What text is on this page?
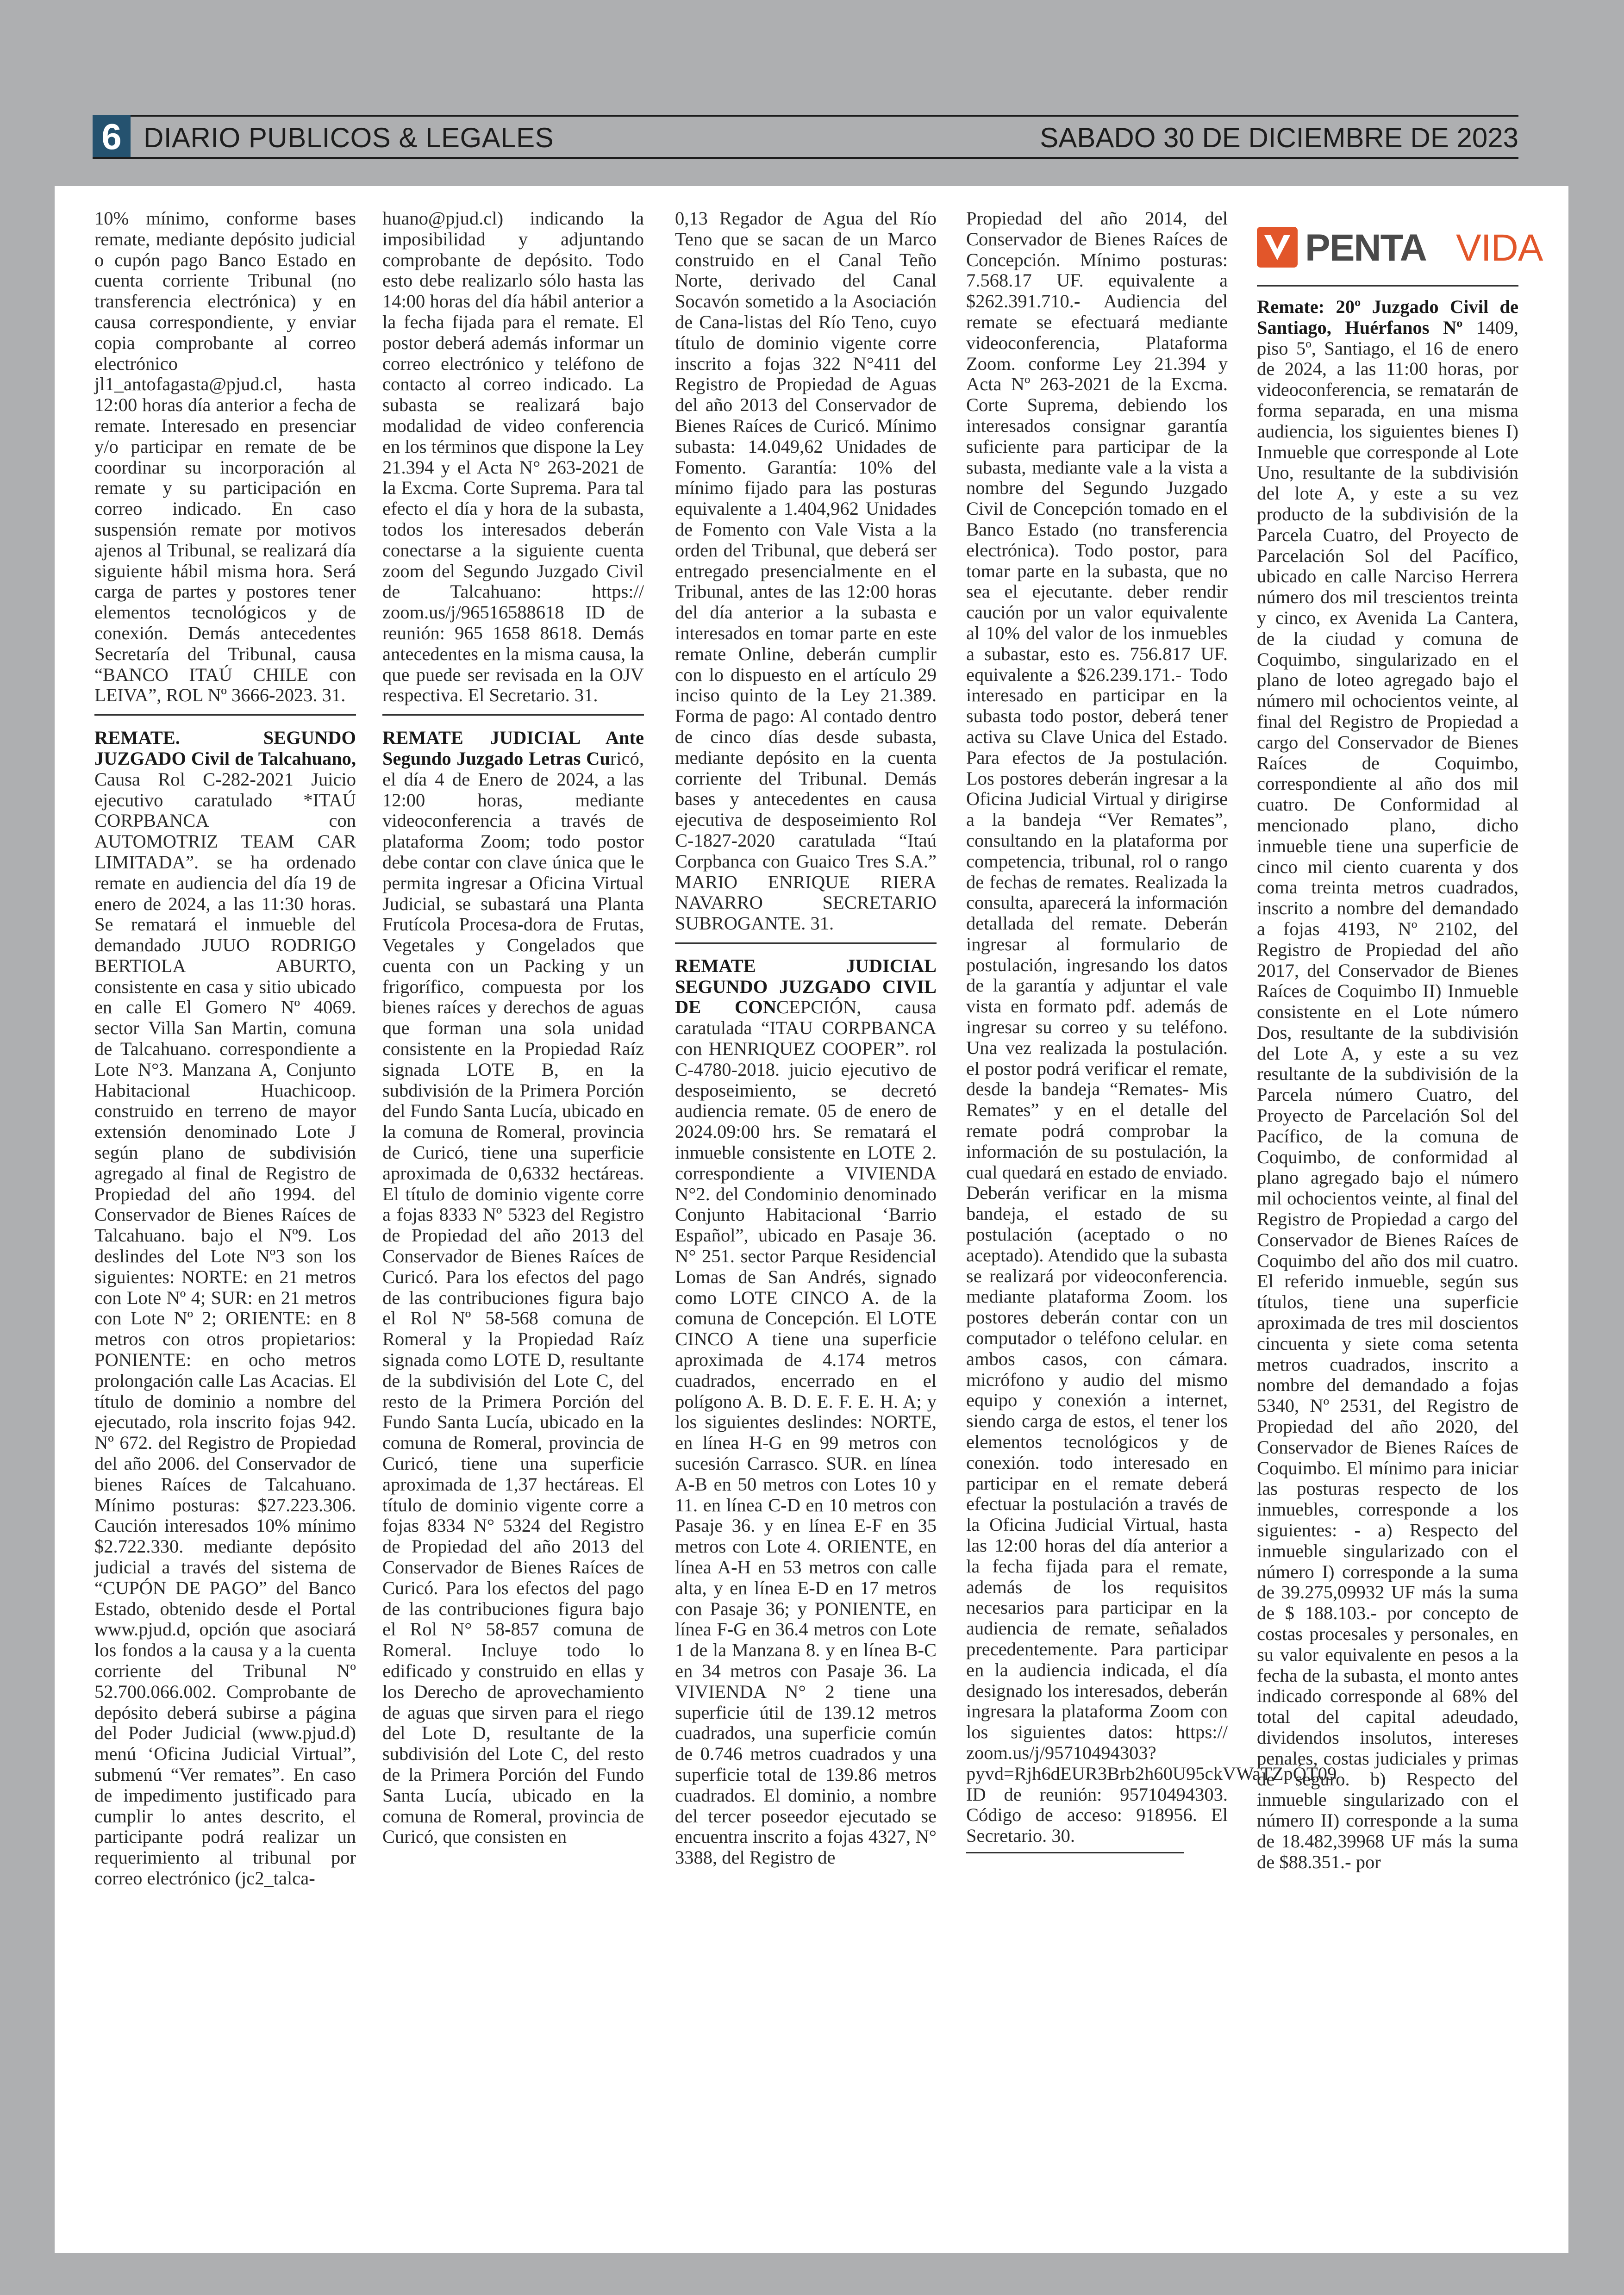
6 DIARIO PUBLICOS & LEGALES	SABADO 30 DE DICIEMBRE DE 2023

10% mínimo, conforme bases remate, mediante depósito judicial o cupón pago Banco Estado en cuenta corriente Tribunal (no transferencia electrónica) y en causa correspondiente, y enviar copia comprobante al correo electrónico jl1_antofagasta@pjud.cl, hasta 12:00 horas día anterior a fecha de remate. Interesado en presenciar y/o participar en remate de be coordinar su incorporación al remate y su participación en correo indicado. En caso suspensión remate por motivos ajenos al Tribunal, se realizará día siguiente hábil misma hora. Será carga de partes y postores tener elementos tecnológicos y de conexión. Demás antecedentes Secretaría del Tribunal, causa “BANCO ITAÚ CHILE con LEIVA”, ROL Nº 3666-2023. 31.

REMATE. SEGUNDO JUZGADO Civil de Talcahuano, Causa Rol C-282-2021 Juicio ejecutivo caratulado *ITAÚ CORPBANCA con AUTOMOTRIZ TEAM CAR LIMITADA”. se ha ordenado remate en audiencia del día 19 de enero de 2024, a las 11:30 horas. Se rematará el inmueble del demandado JUUO RODRIGO BERTIOLA ABURTO, consistente en casa y sitio ubicado en calle El Gomero Nº 4069. sector Villa San Martin, comuna de Talcahuano. correspondiente a Lote N°3. Manzana A, Conjunto Habitacional Huachicoop. construido en terreno de mayor extensión denominado Lote J según plano de subdivisión agregado al final de Registro de Propiedad del año 1994. del Conservador de Bienes Raíces de Talcahuano. bajo el Nº9. Los deslindes del Lote Nº3 son los siguientes: NORTE: en 21 metros con Lote Nº 4; SUR: en 21 metros con Lote Nº 2; ORIENTE: en 8 metros con otros propietarios: PONIENTE: en ocho metros prolongación calle Las Acacias. El título de dominio a nombre del ejecutado, rola inscrito fojas 942. Nº 672. del Registro de Propiedad del año 2006. del Conservador de bienes Raíces de Talcahuano. Mínimo posturas: $27.223.306. Caución interesados 10% mínimo $2.722.330. mediante depósito judicial a través del sistema de “CUPÓN DE PAGO” del Banco Estado, obtenido desde el Portal www.pjud.d, opción que asociará los fondos a la causa y a la cuenta corriente del Tribunal Nº 52.700.066.002. Comprobante de depósito deberá subirse a página del Poder Judicial (www.pjud.d) menú ‘Oficina Judicial Virtual”, submenú “Ver remates”. En caso de impedimento justificado para cumplir lo antes descrito, el participante podrá realizar un requerimiento al tribunal por correo electrónico (jc2_talca-

huano@pjud.cl) indicando la imposibilidad y adjuntando comprobante de depósito. Todo esto debe realizarlo sólo hasta las 14:00 horas del día hábil anterior a la fecha fijada para el remate. El postor deberá además informar un correo electrónico y teléfono de contacto al correo indicado. La subasta se realizará bajo modalidad de video conferencia en los términos que dispone la Ley 21.394 y el Acta N° 263-2021 de la Excma. Corte Suprema. Para tal efecto el día y hora de la subasta, todos los interesados deberán conectarse a la siguiente cuenta zoom del Segundo Juzgado Civil de Talcahuano: https:// zoom.us/j/96516588618 ID de reunión: 965 1658 8618. Demás antecedentes en la misma causa, la que puede ser revisada en la OJV respectiva. El Secretario. 31.

REMATE JUDICIAL Ante Segundo Juzgado Letras Curicó, el día 4 de Enero de 2024, a las 12:00 horas, mediante videoconferencia a través de plataforma Zoom; todo postor debe contar con clave única que le permita ingresar a Oficina Virtual Judicial, se subastará una Planta Frutícola Procesa-dora de Frutas, Vegetales y Congelados que cuenta con un Packing y un frigorífico, compuesta por los bienes raíces y derechos de aguas que forman una sola unidad consistente en la Propiedad Raíz signada LOTE B, en la subdivisión de la Primera Porción del Fundo Santa Lucía, ubicado en la comuna de Romeral, provincia de Curicó, tiene una superficie aproximada de 0,6332 hectáreas. El título de dominio vigente corre a fojas 8333 Nº 5323 del Registro de Propiedad del año 2013 del Conservador de Bienes Raíces de Curicó. Para los efectos del pago de las contribuciones figura bajo el Rol Nº 58-568 comuna de Romeral y la Propiedad Raíz signada como LOTE D, resultante de la subdivisión del Lote C, del resto de la Primera Porción del Fundo Santa Lucía, ubicado en la comuna de Romeral, provincia de Curicó, tiene una superficie aproximada de 1,37 hectáreas. El título de dominio vigente corre a fojas 8334 N° 5324 del Registro de Propiedad del año 2013 del Conservador de Bienes Raíces de Curicó. Para los efectos del pago de las contribuciones figura bajo el Rol N° 58-857 comuna de Romeral. Incluye todo lo edificado y construido en ellas y los Derecho de aprovechamiento de aguas que sirven para el riego del Lote D, resultante de la subdivisión del Lote C, del resto de la Primera Porción del Fundo Santa Lucía, ubicado en la comuna de Romeral, provincia de Curicó, que consisten en

0,13 Regador de Agua del Río Teno que se sacan de un Marco construido en el Canal Teño Norte, derivado del Canal Socavón sometido a la Asociación de Cana-listas del Río Teno, cuyo título de dominio vigente corre inscrito a fojas 322 N°411 del Registro de Propiedad de Aguas del año 2013 del Conservador de Bienes Raíces de Curicó. Mínimo subasta: 14.049,62 Unidades de Fomento. Garantía: 10% del mínimo fijado para las posturas equivalente a 1.404,962 Unidades de Fomento con Vale Vista a la orden del Tribunal, que deberá ser entregado presencialmente en el Tribunal, antes de las 12:00 horas del día anterior a la subasta e interesados en tomar parte en este remate Online, deberán cumplir con lo dispuesto en el artículo 29 inciso quinto de la Ley 21.389. Forma de pago: Al contado dentro de cinco días desde subasta, mediante depósito en la cuenta corriente del Tribunal. Demás bases y antecedentes en causa ejecutiva de desposeimiento Rol C-1827-2020 caratulada “Itaú Corpbanca con Guaico Tres S.A.” MARIO ENRIQUE RIERA NAVARRO SECRETARIO SUBROGANTE. 31.

REMATE JUDICIAL SEGUNDO JUZGADO CIVIL DE CONCEPCIÓN, causa caratulada “ITAU CORPBANCA con HENRIQUEZ COOPER”. rol C-4780-2018. juicio ejecutivo de desposeimiento, se decretó audiencia remate. 05 de enero de 2024.09:00 hrs. Se rematará el inmueble consistente en LOTE 2. correspondiente a VIVIENDA N°2. del Condominio denominado Conjunto Habitacional ‘Barrio Español”, ubicado en Pasaje 36. N° 251. sector Parque Residencial Lomas de San Andrés, signado como LOTE CINCO A. de la comuna de Concepción. El LOTE CINCO A tiene una superficie aproximada de 4.174 metros cuadrados, encerrado en el polígono A. B. D. E. F. E. H. A; y los siguientes deslindes: NORTE, en línea H-G en 99 metros con sucesión Carrasco. SUR. en línea A-B en 50 metros con Lotes 10 y 11. en línea C-D en 10 metros con Pasaje 36. y en línea E-F en 35 metros con Lote 4. ORIENTE, en línea A-H en 53 metros con calle alta, y en línea E-D en 17 metros con Pasaje 36; y PONIENTE, en línea F-G en 36.4 metros con Lote 1 de la Manzana 8. y en línea B-C en 34 metros con Pasaje 36. La VIVIENDA N° 2 tiene una superficie útil de 139.12 metros cuadrados, una superficie común de 0.746 metros cuadrados y una superficie total de 139.86 metros cuadrados. El dominio, a nombre del tercer poseedor ejecutado se encuentra inscrito a fojas 4327, N° 3388, del Registro de

Propiedad del año 2014, del Conservador de Bienes Raíces de Concepción. Mínimo posturas: 7.568.17 UF. equivalente a $262.391.710.- Audiencia del remate se efectuará mediante videoconferencia, Plataforma Zoom. conforme Ley 21.394 y Acta Nº 263-2021 de la Excma. Corte Suprema, debiendo los interesados consignar garantía suficiente para participar de la subasta, mediante vale a la vista a nombre del Segundo Juzgado Civil de Concepción tomado en el Banco Estado (no transferencia electrónica). Todo postor, para tomar parte en la subasta, que no sea el ejecutante. deber rendir caución por un valor equivalente al 10% del valor de los inmuebles a subastar, esto es. 756.817 UF. equivalente a $26.239.171.- Todo interesado en participar en la subasta todo postor, deberá tener activa su Clave Unica del Estado. Para efectos de Ja postulación. Los postores deberán ingresar a la Oficina Judicial Virtual y dirigirse a la bandeja “Ver Remates”, consultando en la plataforma por competencia, tribunal, rol o rango de fechas de remates. Realizada la consulta, aparecerá la información detallada del remate. Deberán ingresar al formulario de postulación, ingresando los datos de la garantía y adjuntar el vale vista en formato pdf. además de ingresar su correo y su teléfono. Una vez realizada la postulación. el postor podrá verificar el remate, desde la bandeja “Remates- Mis Remates” y en el detalle del remate podrá comprobar la información de su postulación, la cual quedará en estado de enviado. Deberán verificar en la misma bandeja, el estado de su postulación (aceptado o no aceptado). Atendido que la subasta se realizará por videoconferencia. mediante plataforma Zoom. los postores deberán contar con un computador o teléfono celular. en ambos casos, con cámara. micrófono y audio del mismo equipo y conexión a internet, siendo carga de estos, el tener los elementos tecnológicos y de conexión. todo interesado en participar en el remate deberá efectuar la postulación a través de la Oficina Judicial Virtual, hasta las 12:00 horas del día anterior a la fecha fijada para el remate, además de los requisitos necesarios para participar en la audiencia de remate, señalados precedentemente. Para participar en la audiencia indicada, el día designado los interesados, deberán ingresara la plataforma Zoom con los siguientes datos: https:// zoom.us/j/95710494303?pyvd=Rjh6dEUR3Brb2h60U95ckVWaTZpÓT09 ID de reunión: 95710494303. Código de acceso: 918956. El Secretario. 30.

PENTA VIDA

Remate: 20º Juzgado Civil de Santiago, Huérfanos Nº 1409, piso 5º, Santiago, el 16 de enero de 2024, a las 11:00 horas, por videoconferencia, se rematarán de forma separada, en una misma audiencia, los siguientes bienes I) Inmueble que corresponde al Lote Uno, resultante de la subdivisión del lote A, y este a su vez producto de la subdivisión de la Parcela Cuatro, del Proyecto de Parcelación Sol del Pacífico, ubicado en calle Narciso Herrera número dos mil trescientos treinta y cinco, ex Avenida La Cantera, de la ciudad y comuna de Coquimbo, singularizado en el plano de loteo agregado bajo el número mil ochocientos veinte, al final del Registro de Propiedad a cargo del Conservador de Bienes Raíces de Coquimbo, correspondiente al año dos mil cuatro. De Conformidad al mencionado plano, dicho inmueble tiene una superficie de cinco mil ciento cuarenta y dos coma treinta metros cuadrados, inscrito a nombre del demandado a fojas 4193, Nº 2102, del Registro de Propiedad del año 2017, del Conservador de Bienes Raíces de Coquimbo II) Inmueble consistente en el Lote número Dos, resultante de la subdivisión del Lote A, y este a su vez resultante de la subdivisión de la Parcela número Cuatro, del Proyecto de Parcelación Sol del Pacífico, de la comuna de Coquimbo, de conformidad al plano agregado bajo el número mil ochocientos veinte, al final del Registro de Propiedad a cargo del Conservador de Bienes Raíces de Coquimbo del año dos mil cuatro. El referido inmueble, según sus títulos, tiene una superficie aproximada de tres mil doscientos cincuenta y siete coma setenta metros cuadrados, inscrito a nombre del demandado a fojas 5340, Nº 2531, del Registro de Propiedad del año 2020, del Conservador de Bienes Raíces de Coquimbo. El mínimo para iniciar las posturas respecto de los inmuebles, corresponde a los siguientes: - a) Respecto del inmueble singularizado con el número I) corresponde a la suma de 39.275,09932 UF más la suma de $ 188.103.- por concepto de costas procesales y personales, en su valor equivalente en pesos a la fecha de la subasta, el monto antes indicado corresponde al 68% del total del capital adeudado, dividendos insolutos, intereses penales, costas judiciales y primas de seguro. b) Respecto del inmueble singularizado con el número II) corresponde a la suma de 18.482,39968 UF más la suma de $88.351.- por
